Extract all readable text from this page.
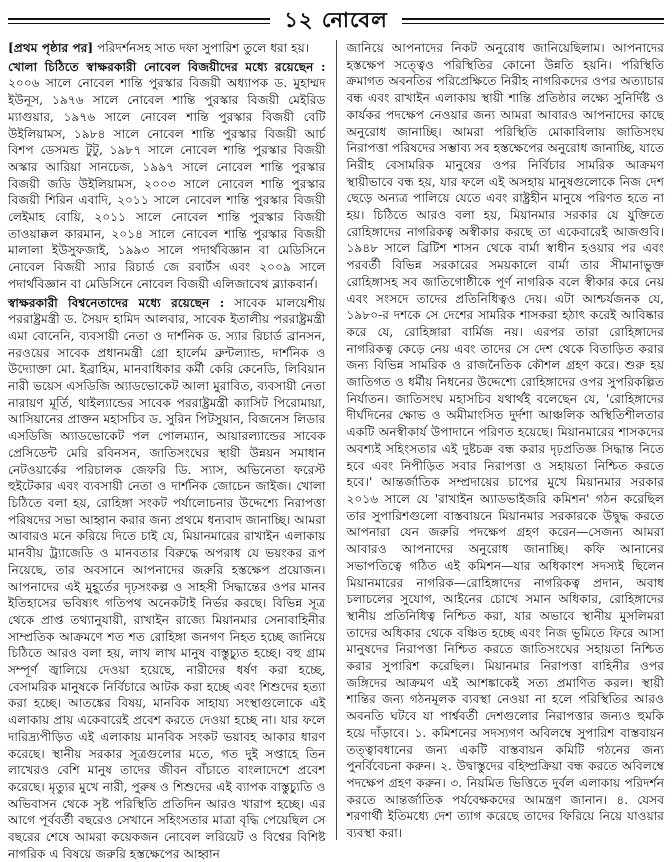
১২ নোবেল

[প্রথম পৃষ্ঠার পর] পরিদর্শনসহ সাত দফা সুপারিশ তুলে ধরা হয়।

খোলা চিঠিতে স্বাক্ষরকারী নোবেল বিজয়ীদের মধ্যে রয়েছেন : ২০০৬ সালে নোবেল শান্তি পুরস্কার বিজয়ী অধ্যাপক ড. মুহাম্মদ ইউনূস, ১৯৭৬ সালে নোবেল শান্তি পুরস্কার বিজয়ী মেইরিড ম্যাগুয়ার, ১৯৭৬ সালে নোবেল শান্তি পুরস্কার বিজয়ী বেটি উইলিয়ামস, ১৯৮৪ সালে নোবেল শান্তি পুরস্কার বিজয়ী আর্চ বিশপ ডেসমন্ড টুটু, ১৯৮৭ সালে নোবেল শান্তি পুরস্কার বিজয়ী অস্কার আরিয়া সানচেজ, ১৯৯৭ সালে নোবেল শান্তি পুরস্কার বিজয়ী জডি উইলিয়ামস, ২০০৩ সালে নোবেল শান্তি পুরস্কার বিজয়ী শিরিন এবাদি, ২০১১ সালে নোবেল শান্তি পুরস্কার বিজয়ী লেইমাহ বোয়ি, ২০১১ সালে নোবেল শান্তি পুরস্কার বিজয়ী তাওয়াক্কল কারমান, ২০১৪ সালে নোবেল শান্তি পুরস্কার বিজয়ী মালালা ইউসুফজাই, ১৯৯৩ সালে পদার্থবিজ্ঞান বা মেডিসিনে নোবেল বিজয়ী স্যার রিচার্ড জে রবার্টস এবং ২০০৯ সালে পদার্থবিজ্ঞান বা মেডিসিনে নোবেল বিজয়ী এলিজাবেথ ব্ল্যাকবার্ন।

স্বাক্ষরকারী বিশ্বনেতাদের মধ্যে রয়েছেন : সাবেক মালয়েশীয় পররাষ্ট্রমন্ত্রী ড. সৈয়দ হামিদ আলবার, সাবেক ইতালীয় পররাষ্ট্রমন্ত্রী এমা বোনেনি, ব্যবসায়ী নেতা ও দার্শনিক ড. স্যার রিচার্ড ব্রানসন, নরওয়ের সাবেক প্রধানমন্ত্রী গ্রো হার্লেম ব্রুন্টল্যান্ড, দার্শনিক ও উদ্যোক্তা মো. ইব্রাহিম, মানবাধিকার কর্মী কেরি কেনেডি, লিবিয়ান নারী ভয়েস এসডিজি অ্যাডভোকেট আলা মুরাবিত, ব্যবসায়ী নেতা নারায়ণ মূর্তি, থাইল্যান্ডের সাবেক পররাষ্ট্রমন্ত্রী ক্যাসিট পিরোমায়া, আসিয়ানের প্রাক্তন মহাসচিব ড. সুরিন পিটসুয়ান, বিজনেস লিডার এসডিজি অ্যাডভোকেট পল পোলম্যান, আয়ারল্যান্ডের সাবেক প্রেসিডেন্ট মেরি রবিনসন, জাতিসংঘের স্থায়ী উন্নয়ন সমাধান নেটওয়ার্কের পরিচালক জেফরি ডি. স্যাস, অভিনেতা ফরেস্ট হুইটেকার এবং ব্যবসায়ী নেতা ও দার্শনিক জোচেন জাইজ। খোলা চিঠিতে বলা হয়, রোহিঙ্গা সংকট পর্যালোচনার উদ্দেশ্যে নিরাপত্তা পরিষদের সভা আহ্বান করার জন্য প্রথমে ধন্যবাদ জানাচ্ছি। আমরা আবারও মনে করিয়ে দিতে চাই যে, মিয়ানমারের রাখাইন এলাকায় মানবীয় ট্র্যাজেডি ও মানবতার বিরুদ্ধে অপরাধ যে ভয়ংকর রূপ নিয়েছে, তার অবসানে আপনাদের জরুরি হস্তক্ষেপ প্রয়োজন। আপনাদের এই মুহূর্তের দৃঢ়সংকল্প ও সাহসী সিদ্ধান্তের ওপর মানব ইতিহাসের ভবিষ্যৎ গতিপথ অনেকটাই নির্ভর করছে। বিভিন্ন সূত্র থেকে প্রাপ্ত তথ্যানুযায়ী, রাখাইন রাজ্যে মিয়ানমার সেনাবাহিনীর সাম্প্রতিক আক্রমণে শত শত রোহিঙ্গা জনগণ নিহত হচ্ছে জানিয়ে চিঠিতে আরও বলা হয়, লাখ লাখ মানুষ বাস্তুচ্যুত হচ্ছে। বহু গ্রাম সম্পূর্ণ জ্বালিয়ে দেওয়া হয়েছে, নারীদের ধর্ষণ করা হচ্ছে, বেসামরিক মানুষকে নির্বিচারে আটক করা হচ্ছে এবং শিশুদের হত্যা করা হচ্ছে। আতঙ্কের বিষয়, মানবিক সাহায্য সংস্থাগুলোকে এই এলাকায় প্রায় একেবারেই প্রবেশ করতে দেওয়া হচ্ছে না। যার ফলে দারিদ্র্যপীড়িত এই এলাকায় মানবিক সংকট ভয়াবহ আকার ধারণ করেছে। স্থানীয় সরকার সূত্রগুলোর মতে, গত দুই সপ্তাহে তিন লাখেরও বেশি মানুষ তাদের জীবন বাঁচাতে বাংলাদেশে প্রবেশ করেছে। মৃত্যুর মুখে নারী, পুরুষ ও শিশুদের এই ব্যাপক বাস্তুচ্যুতি ও অভিবাসন থেকে সৃষ্ট পরিস্থিতি প্রতিদিন আরও খারাপ হচ্ছে। এর আগে পূর্ববর্তী বছরেও সেখানে সহিংসতার মাত্রা বৃদ্ধি পেয়েছিল সে বছরের শেষে আমরা কয়েকজন নোবেল লরিয়েট ও বিশ্বের বিশিষ্ট নাগরিক এ বিষয়ে জরুরি হস্তক্ষেপের আহ্বান

জানিয়ে আপনাদের নিকট অনুরোধ জানিয়েছিলাম। আপনাদের হস্তক্ষেপ সত্ত্বেও পরিস্থিতির কোনো উন্নতি হয়নি। পরিস্থিতি ক্রমাগত অবনতির পরিপ্রেক্ষিতে নিরীহ নাগরিকদের ওপর অত্যাচার বন্ধ এবং রাখাইন এলাকায় স্থায়ী শান্তি প্রতিষ্ঠার লক্ষ্যে সুনির্দিষ্ট ও কার্যকর পদক্ষেপ নেওয়ার জন্য আমরা আবারও আপনাদের কাছে অনুরোধ জানাচ্ছি। আমরা পরিস্থিতি মোকাবিলায় জাতিসংঘ নিরাপত্তা পরিষদের সম্ভাব্য সব হস্তক্ষেপের অনুরোধ জানাচ্ছি, যাতে নিরীহ বেসামরিক মানুষের ওপর নির্বিচার সামরিক আক্রমণ স্থায়ীভাবে বন্ধ হয়, যার ফলে এই অসহায় মানুষগুলোকে নিজ দেশ ছেড়ে অন্যত্র পালিয়ে যেতে এবং রাষ্ট্রহীন মানুষে পরিণত হতে না হয়। চিঠিতে আরও বলা হয়, মিয়ানমার সরকার যে যুক্তিতে রোহিঙ্গাদের নাগরিকত্ব অস্বীকার করছে তা একেবারেই আজগুবি। ১৯৪৮ সালে ব্রিটিশ শাসন থেকে বার্মা স্বাধীন হওয়ার পর এবং পরবর্তী বিভিন্ন সরকারের সময়কালে বার্মা তার সীমানাভুক্ত রোহিঙ্গাসহ সব জাতিগোষ্ঠীকে পূর্ণ নাগরিক বলে স্বীকার করে নেয় এবং সংসদে তাদের প্রতিনিধিত্বও দেয়। এটা আশ্চর্যজনক যে, ১৯৮০-র দশকে সে দেশের সামরিক শাসকরা হঠাৎ করেই আবিষ্কার করে যে, রোহিঙ্গারা বার্মিজ নয়। এরপর তারা রোহিঙ্গাদের নাগরিকত্ব কেড়ে নেয় এবং তাদের সে দেশ থেকে বিতাড়িত করার জন্য বিভিন্ন সামরিক ও রাজনৈতিক কৌশল গ্রহণ করে। শুরু হয় জাতিগত ও ধর্মীয় নিধনের উদ্দেশ্যে রোহিঙ্গাদের ওপর সুপরিকল্পিত নির্যাতন। জাতিসংঘ মহাসচিব যথার্থই বলেছেন যে, 'রোহিঙ্গাদের দীর্ঘদিনের ক্ষোভ ও অমীমাংসিত দুর্দশা আঞ্চলিক অস্থিতিশীলতার একটি অনস্বীকার্য উপাদানে পরিণত হয়েছে। মিয়ানমারের শাসকদের অবশ্যই সহিংসতার এই দুষ্টচক্র বন্ধ করার দৃঢ়প্রতিজ্ঞ সিদ্ধান্ত নিতে হবে এবং নিপীড়িত সবার নিরাপত্তা ও সহায়তা নিশ্চিত করতে হবে।' আন্তর্জাতিক সম্প্রদায়ের চাপের মুখে মিয়ানমার সরকার ২০১৬ সালে যে 'রাখাইন অ্যাডভাইজরি কমিশন' গঠন করেছিল তার সুপারিশগুলো বাস্তবায়নে মিয়ানমার সরকারকে উদ্বুদ্ধ করতে আপনারা যেন জরুরি পদক্ষেপ গ্রহণ করেন—সেজন্য আমরা আবারও আপনাদের অনুরোধ জানাচ্ছি। কফি আনানের সভাপতিত্বে গঠিত এই কমিশন—যার অধিকাংশ সদস্যই ছিলেন মিয়ানমারের নাগরিক—রোহিঙ্গাদের নাগরিকত্ব প্রদান, অবাধ চলাচলের সুযোগ, আইনের চোখে সমান অধিকার, রোহিঙ্গাদের স্থানীয় প্রতিনিধিত্ব নিশ্চিত করা, যার অভাবে স্থানীয় মুসলিমরা তাদের অধিকার থেকে বঞ্চিত হচ্ছে এবং নিজ ভূমিতে ফিরে আসা মানুষদের নিরাপত্তা নিশ্চিত করতে জাতিসংঘের সহায়তা নিশ্চিত করার সুপারিশ করেছিল। মিয়ানমার নিরাপত্তা বাহিনীর ওপর জঙ্গিদের আক্রমণ এই আশঙ্কাকেই সত্য প্রমাণিত করল। স্থায়ী শান্তির জন্য গঠনমূলক ব্যবস্থা নেওয়া না হলে পরিস্থিতির আরও অবনতি ঘটবে যা পার্শ্ববর্তী দেশগুলোর নিরাপত্তার জন্যও হুমকি হয়ে দাঁড়াবে। ১. কমিশনের সদস্যগণ অবিলম্বে সুপারিশ বাস্তবায়ন তত্ত্বাবধানের জন্য একটি বাস্তবায়ন কমিটি গঠনের জন্য পুনর্বিবেচনা করুন। ২. উদ্বাস্তুদের বহিষ্প্রক্রিয়া বন্ধ করতে অবিলম্বে পদক্ষেপ গ্রহণ করুন। ৩. নিয়মিত ভিত্তিতে দুর্বল এলাকায় পরিদর্শন করতে আন্তর্জাতিক পর্যবেক্ষকদের আমন্ত্রণ জানান। ৪. যেসব শরণার্থী ইতিমধ্যে দেশ ত্যাগ করেছে তাদের ফিরিয়ে নিয়ে যাওয়ার ব্যবস্থা করা।
